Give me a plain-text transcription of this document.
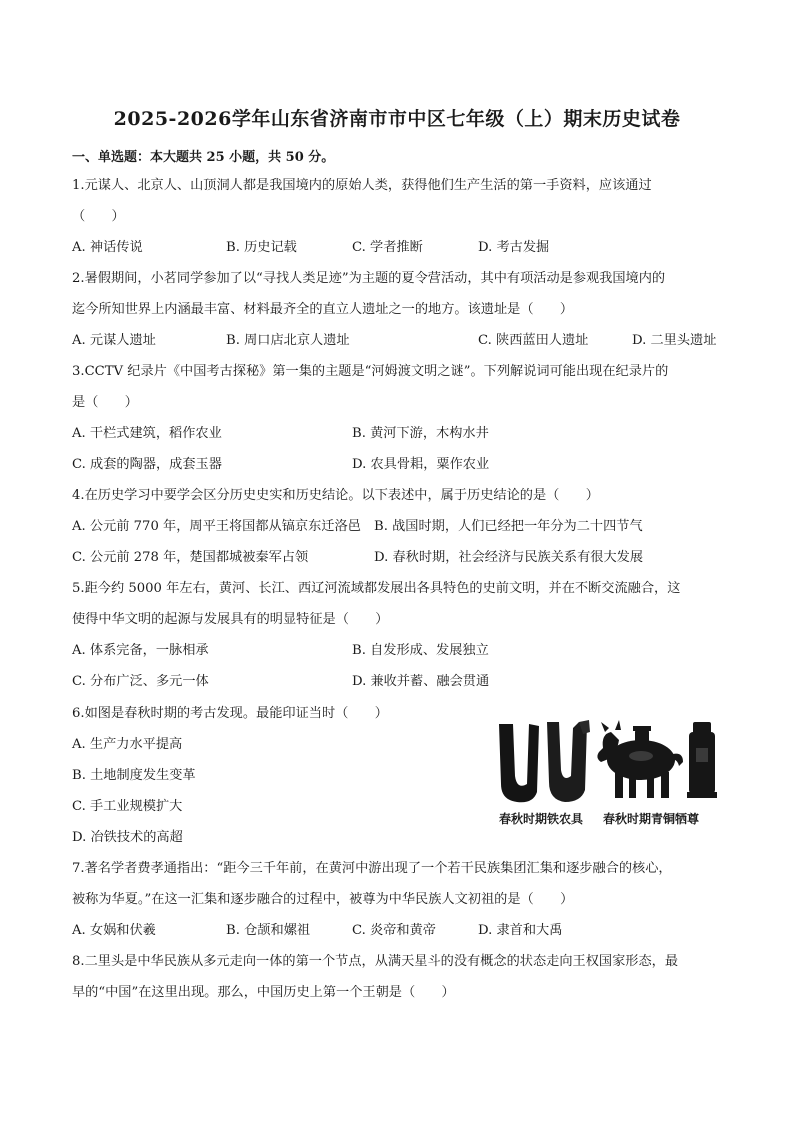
2025-2026学年山东省济南市市中区七年级（上）期末历史试卷
一、单选题：本大题共 25 小题，共 50 分。
1.元谋人、北京人、山顶洞人都是我国境内的原始人类，获得他们生产生活的第一手资料，应该通过
（　　）
A. 神话传说	B. 历史记载	C. 学者推断	D. 考古发掘
2.暑假期间，小茗同学参加了以“寻找人类足迹”为主题的夏令营活动，其中有项活动是参观我国境内的
迄今所知世界上内涵最丰富、材料最齐全的直立人遗址之一的地方。该遗址是（　　）
A. 元谋人遗址	B. 周口店北京人遗址	C. 陕西蓝田人遗址	D. 二里头遗址
3.CCTV 纪录片《中国考古探秘》第一集的主题是“河姆渡文明之谜”。下列解说词可能出现在纪录片的
是（　　）
A. 干栏式建筑，稻作农业	B. 黄河下游，木构水井
C. 成套的陶器，成套玉器	D. 农具骨耜，粟作农业
4.在历史学习中要学会区分历史史实和历史结论。以下表述中，属于历史结论的是（　　）
A. 公元前 770 年，周平王将国都从镐京东迁洛邑 B. 战国时期，人们已经把一年分为二十四节气
C. 公元前 278 年，楚国都城被秦军占领	D. 春秋时期，社会经济与民族关系有很大发展
5.距今约 5000 年左右，黄河、长江、西辽河流域都发展出各具特色的史前文明，并在不断交流融合，这
使得中华文明的起源与发展具有的明显特征是（　　）
A. 体系完备，一脉相承	B. 自发形成、发展独立
C. 分布广泛、多元一体	D. 兼收并蓄、融会贯通
6.如图是春秋时期的考古发现。最能印证当时（　　）
A. 生产力水平提高
B. 土地制度发生变革
C. 手工业规模扩大
D. 冶铁技术的高超
春秋时期铁农具 春秋时期青铜牺尊
7.著名学者费孝通指出：“距今三千年前，在黄河中游出现了一个若干民族集团汇集和逐步融合的核心，
被称为华夏。”在这一汇集和逐步融合的过程中，被尊为中华民族人文初祖的是（　　）
A. 女娲和伏羲	B. 仓颉和嫘祖	C. 炎帝和黄帝	D. 隶首和大禹
8.二里头是中华民族从多元走向一体的第一个节点，从满天星斗的没有概念的状态走向王权国家形态，最
早的“中国”在这里出现。那么，中国历史上第一个王朝是（　　）
